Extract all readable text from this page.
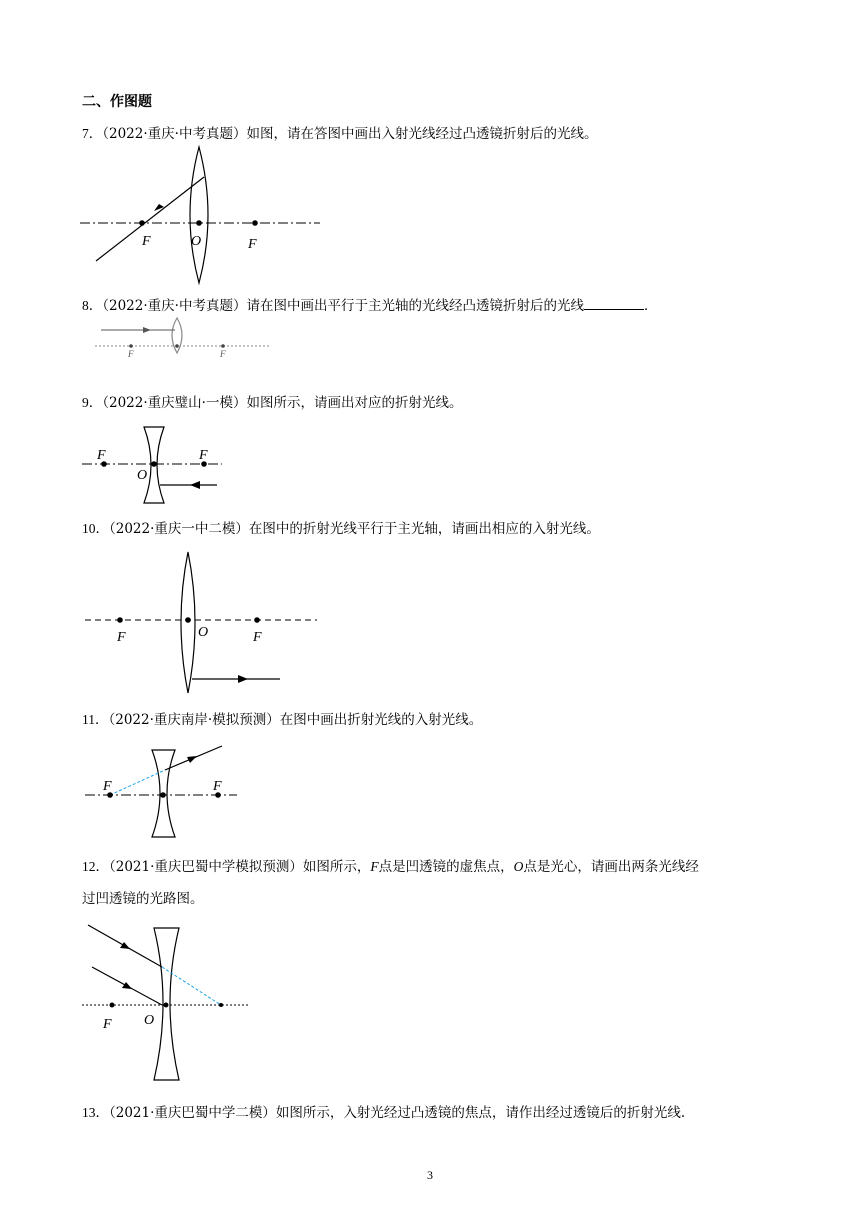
二、作图题
7．（2022·重庆·中考真题）如图，请在答图中画出入射光线经过凸透镜折射后的光线。
F	O	F
8．（2022·重庆·中考真题）请在图中画出平行于主光轴的光线经凸透镜折射后的光线	．
F	F
9．（2022·重庆璧山·一模）如图所示，请画出对应的折射光线。
F
O
F
10．（2022·重庆一中二模）在图中的折射光线平行于主光轴，请画出相应的入射光线。
F	O	F
11．（2022·重庆南岸·模拟预测）在图中画出折射光线的入射光线。
F	F
12．（2021·重庆巴蜀中学模拟预测）如图所示，F点是凹透镜的虚焦点，O点是光心，请画出两条光线经
过凹透镜的光路图。
F O
13．（2021·重庆巴蜀中学二模）如图所示，入射光经过凸透镜的焦点，请作出经过透镜后的折射光线.
3
